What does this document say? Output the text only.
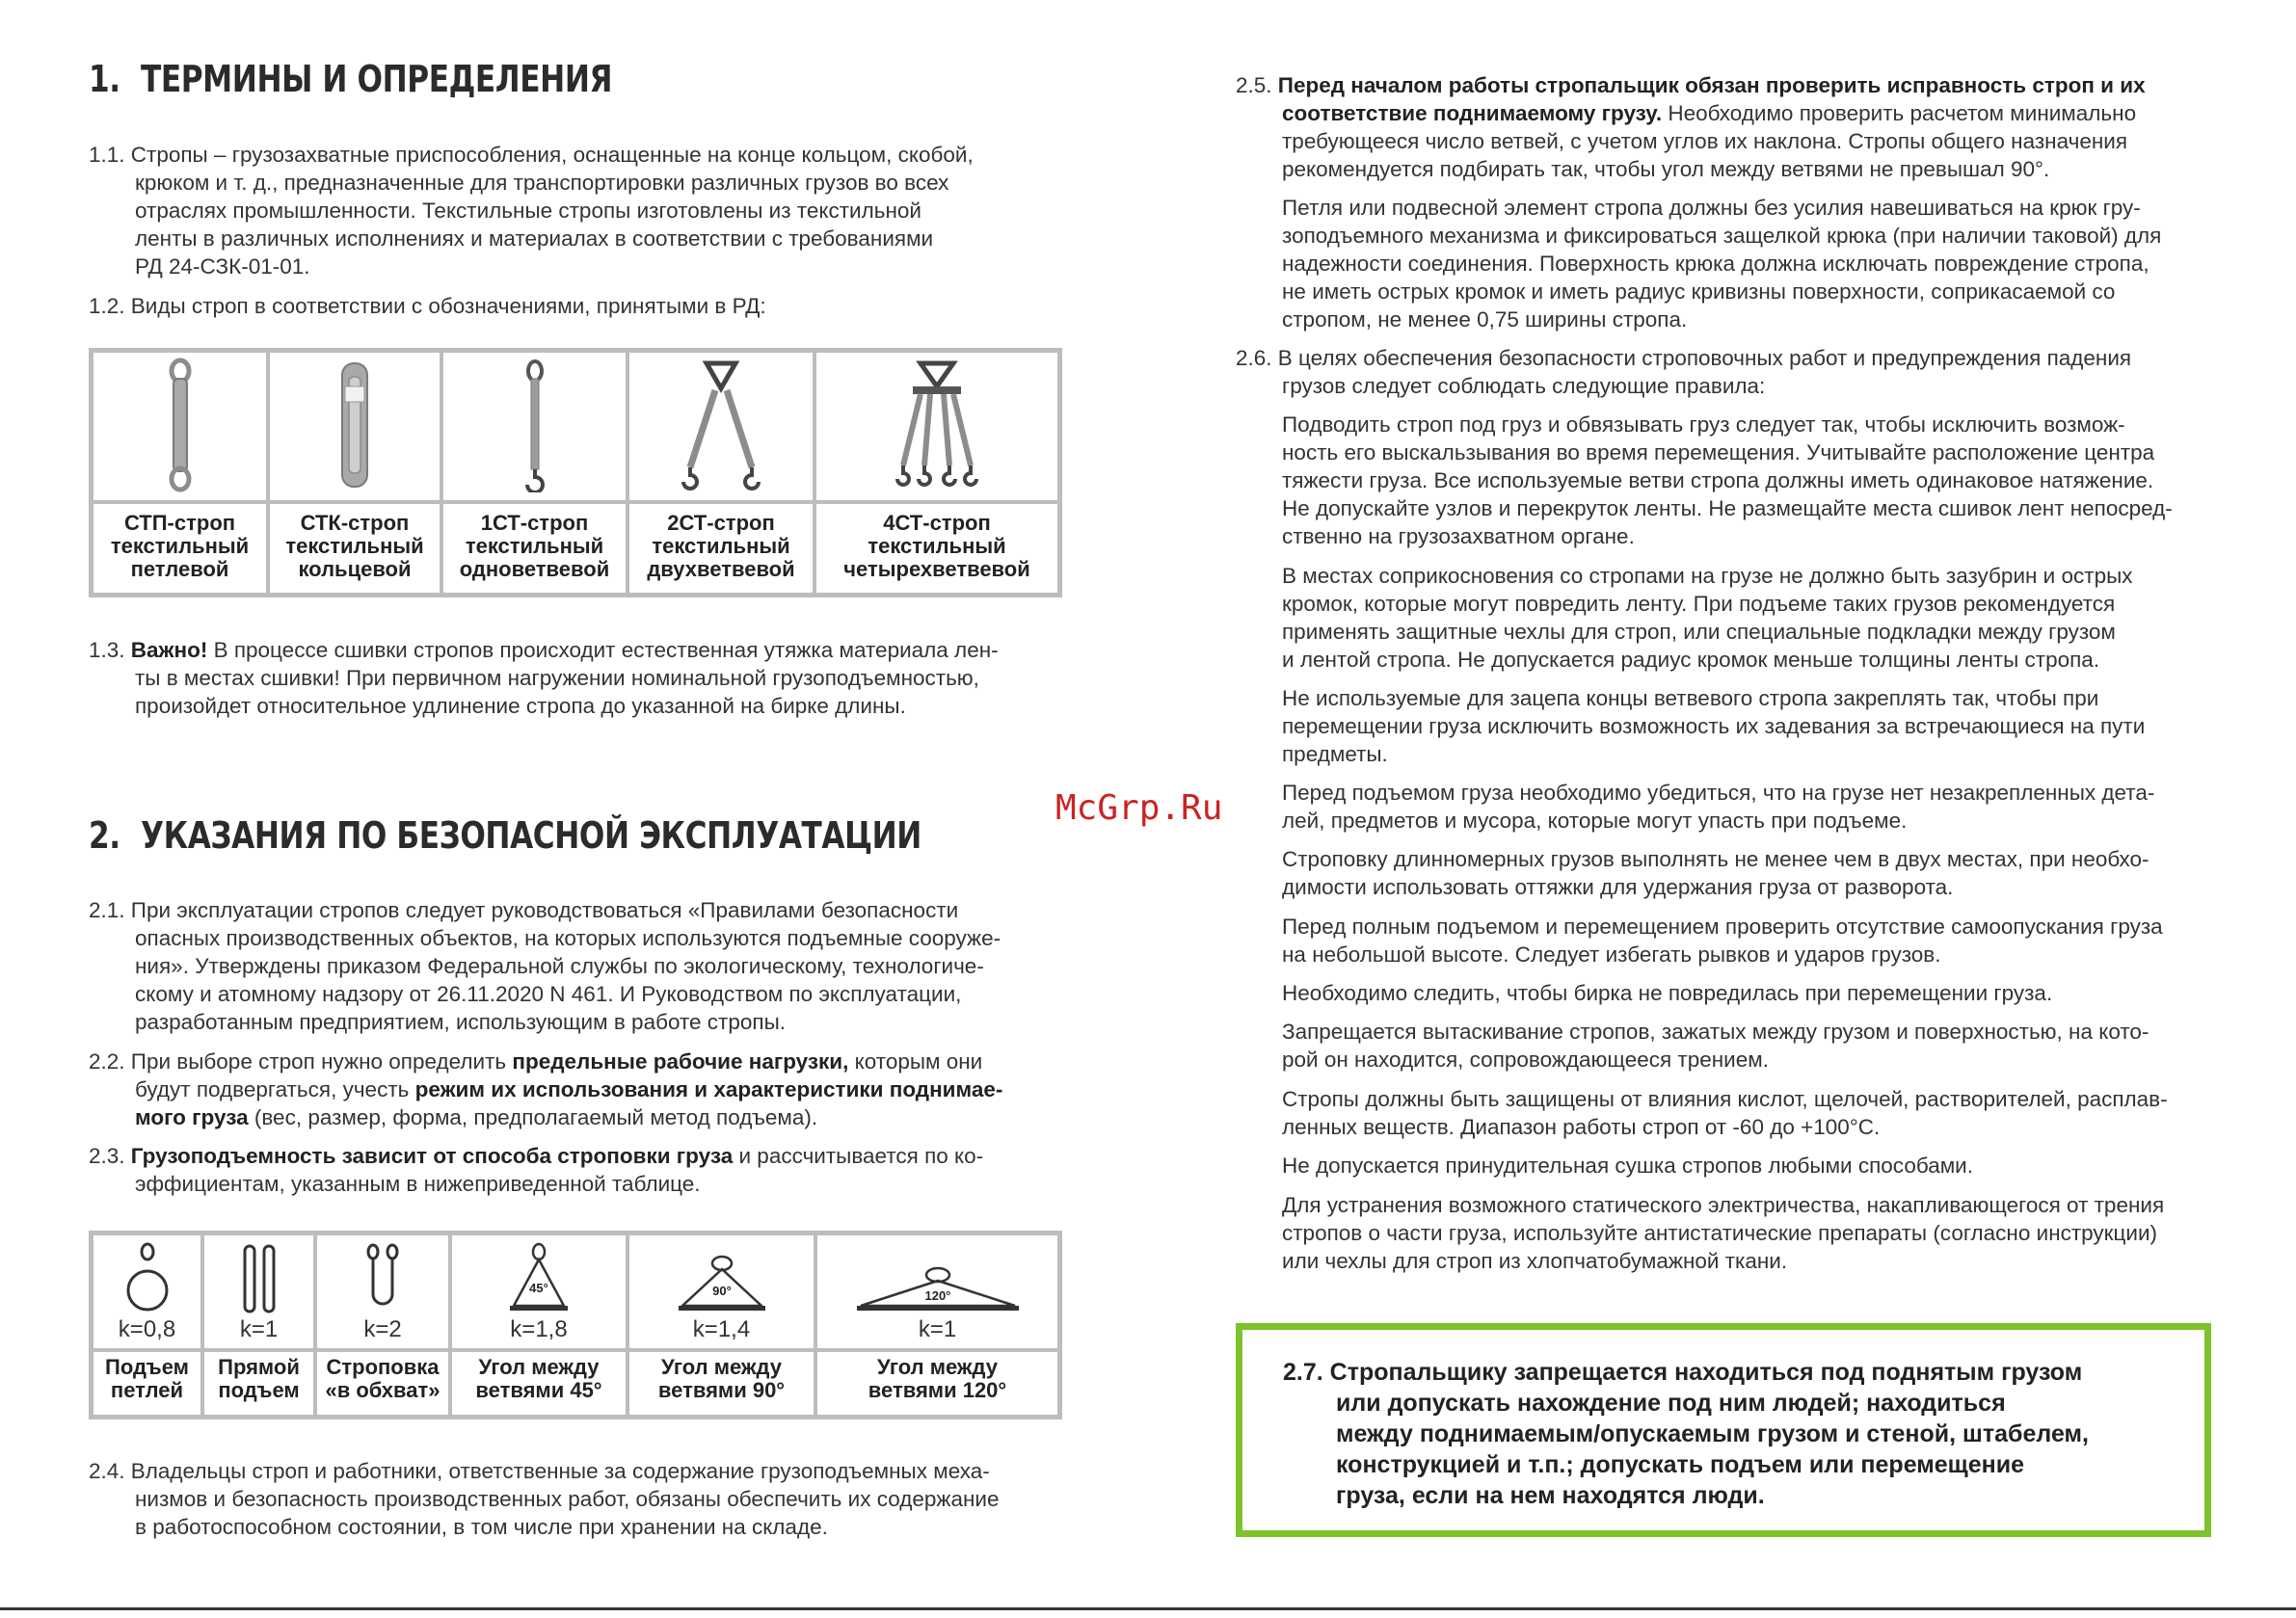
1. ТЕРМИНЫ И ОПРЕДЕЛЕНИЯ
1.1. Стропы – грузозахватные приспособления, оснащенные на конце кольцом, скобой,
крюком и т. д., предназначенные для транспортировки различных грузов во всех
отраслях промышленности. Текстильные стропы изготовлены из текстильной
ленты в различных исполнениях и материалах в соответствии с требованиями
РД 24-СЗК-01-01.
1.2. Виды строп в соответствии с обозначениями, принятыми в РД:
СТП-строп
текстильный
петлевой
СТК-строп
текстильный
кольцевой
1СТ-строп
текстильный
одноветвевой
2СТ-строп
текстильный
двухветвевой
4СТ-строп
текстильный
четырехветвевой
1.3. Важно! В процессе сшивки стропов происходит естественная утяжка материала лен-
ты в местах сшивки! При первичном нагружении номинальной грузоподъемностью,
произойдет относительное удлинение стропа до указанной на бирке длины.
2. УКАЗАНИЯ ПО БЕЗОПАСНОЙ ЭКСПЛУАТАЦИИ
2.1. При эксплуатации стропов следует руководствоваться «Правилами безопасности
опасных производственных объектов, на которых используются подъемные сооруже-
ния». Утверждены приказом Федеральной службы по экологическому, технологиче-
скому и атомному надзору от 26.11.2020 N 461. И Руководством по эксплуатации,
разработанным предприятием, использующим в работе стропы.
2.2. При выборе строп нужно определить предельные рабочие нагрузки, которым они
будут подвергаться, учесть режим их использования и характеристики поднимае-
мого груза (вес, размер, форма, предполагаемый метод подъема).
2.3. Грузоподъемность зависит от способа строповки груза и рассчитывается по ко-
эффициентам, указанным в нижеприведенной таблице.
k=0,8
Подъем
петлей
k=1
Прямой
подъем
k=2
Строповка
«в обхват»
45°
k=1,8
Угол между
ветвями 45°
90°
k=1,4
Угол между
ветвями 90°
120°
k=1
Угол между
ветвями 120°
2.4. Владельцы строп и работники, ответственные за содержание грузоподъемных меха-
низмов и безопасность производственных работ, обязаны обеспечить их содержание
в работоспособном состоянии, в том числе при хранении на складе.
2.5. Перед началом работы стропальщик обязан проверить исправность строп и их
соответствие поднимаемому грузу. Необходимо проверить расчетом минимально
требующееся число ветвей, с учетом углов их наклона. Стропы общего назначения
рекомендуется подбирать так, чтобы угол между ветвями не превышал 90°.
Петля или подвесной элемент стропа должны без усилия навешиваться на крюк гру-
зоподъемного механизма и фиксироваться защелкой крюка (при наличии таковой) для
надежности соединения. Поверхность крюка должна исключать повреждение стропа,
не иметь острых кромок и иметь радиус кривизны поверхности, соприкасаемой со
стропом, не менее 0,75 ширины стропа.
2.6. В целях обеспечения безопасности строповочных работ и предупреждения падения
грузов следует соблюдать следующие правила:
Подводить строп под груз и обвязывать груз следует так, чтобы исключить возмож-
ность его выскальзывания во время перемещения. Учитывайте расположение центра
тяжести груза. Все используемые ветви стропа должны иметь одинаковое натяжение.
Не допускайте узлов и перекруток ленты. Не размещайте места сшивок лент непосред-
ственно на грузозахватном органе.
В местах соприкосновения со стропами на грузе не должно быть зазубрин и острых
кромок, которые могут повредить ленту. При подъеме таких грузов рекомендуется
применять защитные чехлы для строп, или специальные подкладки между грузом
и лентой стропа. Не допускается радиус кромок меньше толщины ленты стропа.
Не используемые для зацепа концы ветвевого стропа закреплять так, чтобы при
перемещении груза исключить возможность их задевания за встречающиеся на пути
предметы.
Перед подъемом груза необходимо убедиться, что на грузе нет незакрепленных дета-
лей, предметов и мусора, которые могут упасть при подъеме.
Строповку длинномерных грузов выполнять не менее чем в двух местах, при необхо-
димости использовать оттяжки для удержания груза от разворота.
Перед полным подъемом и перемещением проверить отсутствие самоопускания груза
на небольшой высоте. Следует избегать рывков и ударов грузов.
Необходимо следить, чтобы бирка не повредилась при перемещении груза.
Запрещается вытаскивание стропов, зажатых между грузом и поверхностью, на кото-
рой он находится, сопровождающееся трением.
Стропы должны быть защищены от влияния кислот, щелочей, растворителей, расплав-
ленных веществ. Диапазон работы строп от -60 до +100°С.
Не допускается принудительная сушка стропов любыми способами.
Для устранения возможного статического электричества, накапливающегося от трения
стропов о части груза, используйте антистатические препараты (согласно инструкции)
или чехлы для строп из хлопчатобумажной ткани.
2.7. Стропальщику запрещается находиться под поднятым грузом
или допускать нахождение под ним людей; находиться
между поднимаемым/опускаемым грузом и стеной, штабелем,
конструкцией и т.п.; допускать подъем или перемещение
груза, если на нем находятся люди.
McGrp.Ru
